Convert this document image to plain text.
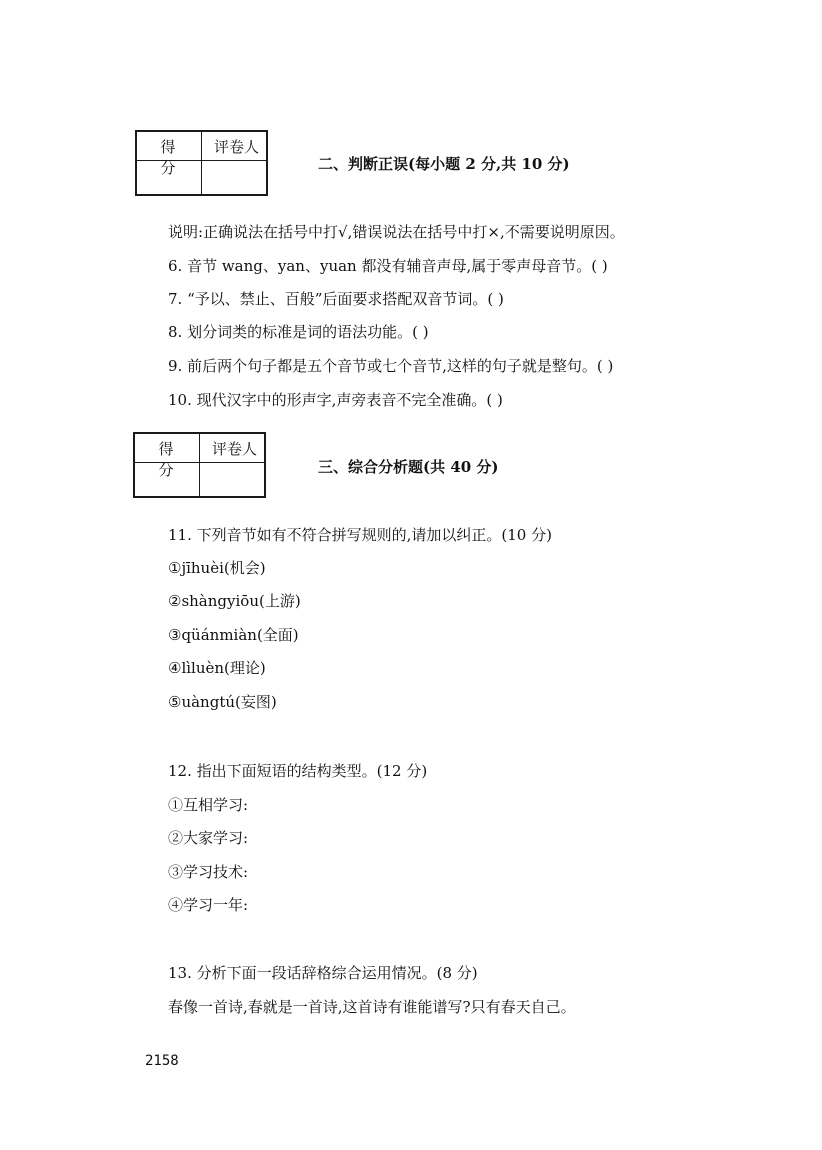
得 分
评卷人
二、判断正误(每小题 2 分,共 10 分)
说明:正确说法在括号中打√,错误说法在括号中打×,不需要说明原因。
6. 音节 wang、yan、yuan 都没有辅音声母,属于零声母音节。( )
7. “予以、禁止、百般”后面要求搭配双音节词。( )
8. 划分词类的标准是词的语法功能。( )
9. 前后两个句子都是五个音节或七个音节,这样的句子就是整句。( )
10. 现代汉字中的形声字,声旁表音不完全准确。( )
得 分
评卷人
三、综合分析题(共 40 分)
11. 下列音节如有不符合拼写规则的,请加以纠正。(10 分)
①jīhuèi(机会)
②shàngyiōu(上游)
③qüánmiàn(全面)
④lìluèn(理论)
⑤uàngtú(妄图)
12. 指出下面短语的结构类型。(12 分)
①互相学习:
②大家学习:
③学习技术:
④学习一年:
13. 分析下面一段话辞格综合运用情况。(8 分)
春像一首诗,春就是一首诗,这首诗有谁能谱写?只有春天自己。
2158
